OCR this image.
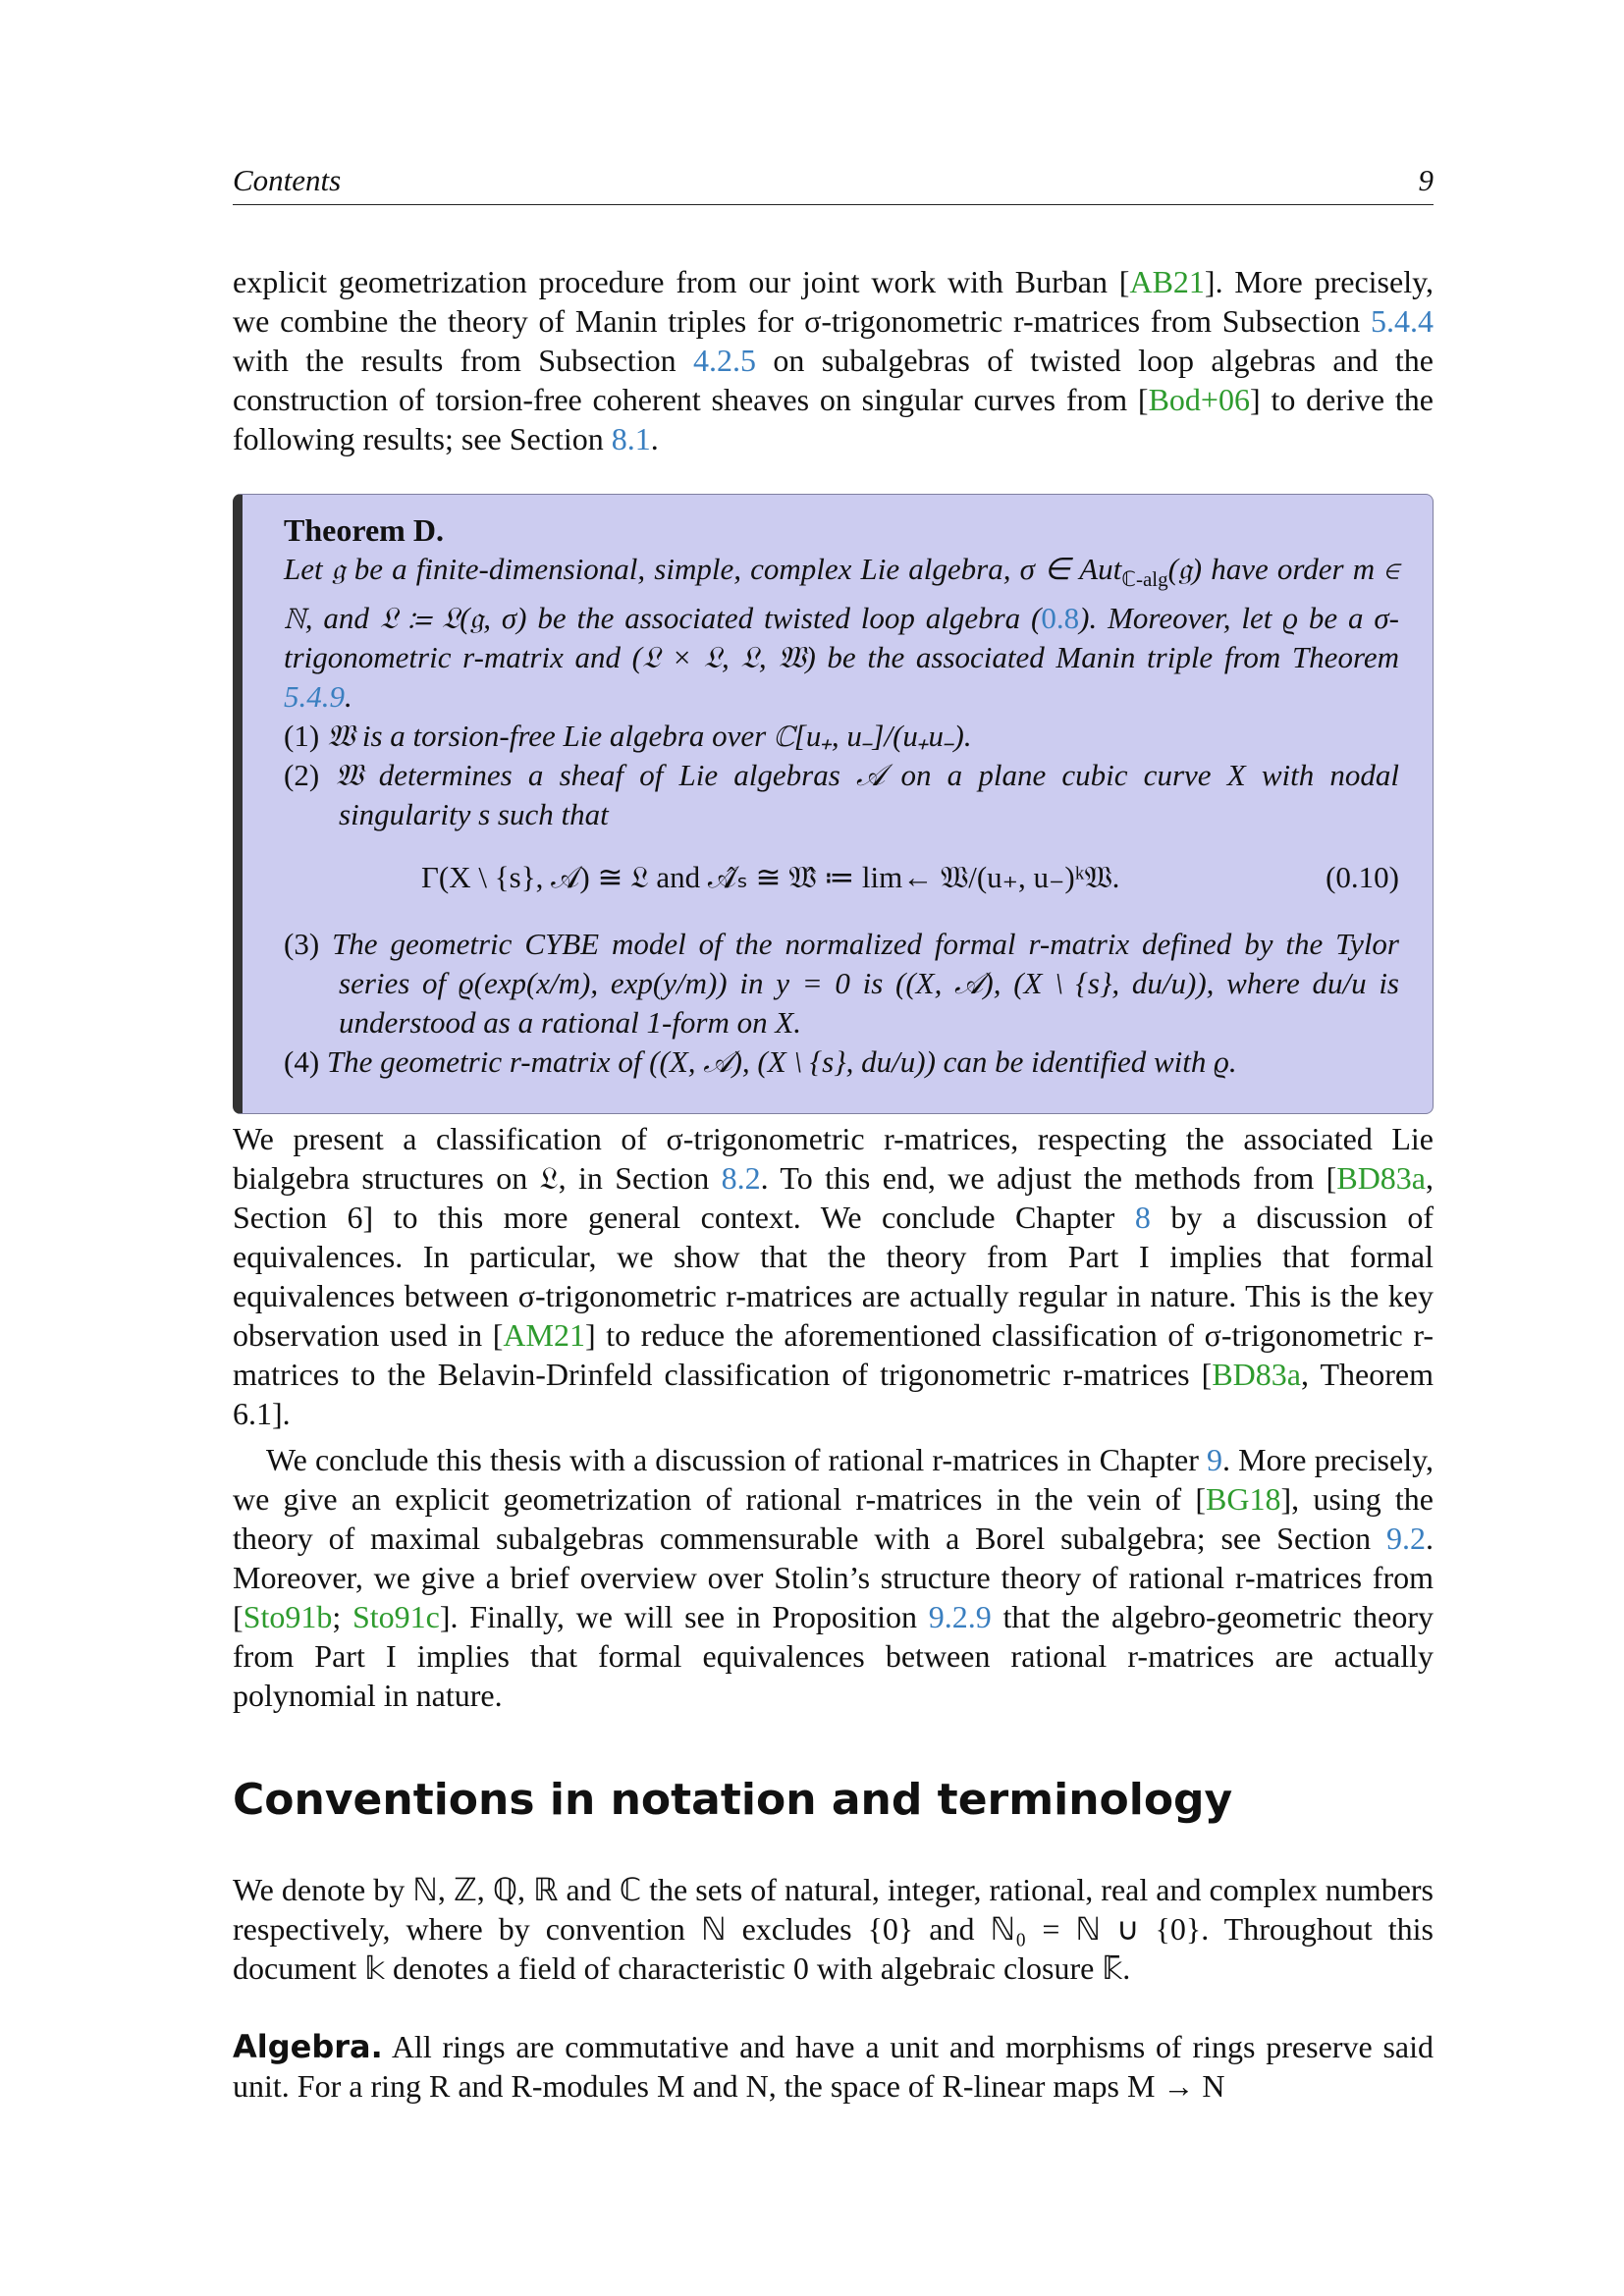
Contents	9

explicit geometrization procedure from our joint work with Burban [AB21]. More precisely, we combine the theory of Manin triples for σ-trigonometric r-matrices from Subsection 5.4.4 with the results from Subsection 4.2.5 on subalgebras of twisted loop algebras and the construction of torsion-free coherent sheaves on singular curves from [Bod+06] to derive the following results; see Section 8.1.

Theorem D.
Let 𝔤 be a finite-dimensional, simple, complex Lie algebra, σ ∈ Aut$_{ℂ-alg}$(𝔤) have order m ∈ ℕ, and 𝔏 ≔ 𝔏(𝔤, σ) be the associated twisted loop algebra (0.8). Moreover, let ϱ be a σ-trigonometric r-matrix and (𝔏 × 𝔏, 𝔏, 𝔚) be the associated Manin triple from Theorem 5.4.9.
(1) 𝔚 is a torsion-free Lie algebra over ℂ[u₊, u₋]/(u₊u₋).
(2) 𝔚 determines a sheaf of Lie algebras 𝒜 on a plane cubic curve X with nodal singularity s such that
Γ(X \ {s}, 𝒜) ≅ 𝔏 and 𝒜̂ₛ ≅ 𝔚̂ ≔ lim← 𝔚/(u₊, u₋)ᵏ𝔚.	(0.10)
(3) The geometric CYBE model of the normalized formal r-matrix defined by the Tylor series of ϱ(exp(x/m), exp(y/m)) in y = 0 is ((X, 𝒜), (X \ {s}, du/u)), where du/u is understood as a rational 1-form on X.
(4) The geometric r-matrix of ((X, 𝒜), (X \ {s}, du/u)) can be identified with ϱ.

We present a classification of σ-trigonometric r-matrices, respecting the associated Lie bialgebra structures on 𝔏, in Section 8.2. To this end, we adjust the methods from [BD83a, Section 6] to this more general context. We conclude Chapter 8 by a discussion of equivalences. In particular, we show that the theory from Part I implies that formal equivalences between σ-trigonometric r-matrices are actually regular in nature. This is the key observation used in [AM21] to reduce the aforementioned classification of σ-trigonometric r-matrices to the Belavin-Drinfeld classification of trigonometric r-matrices [BD83a, Theorem 6.1].

We conclude this thesis with a discussion of rational r-matrices in Chapter 9. More precisely, we give an explicit geometrization of rational r-matrices in the vein of [BG18], using the theory of maximal subalgebras commensurable with a Borel subalgebra; see Section 9.2. Moreover, we give a brief overview over Stolin’s structure theory of rational r-matrices from [Sto91b; Sto91c]. Finally, we will see in Proposition 9.2.9 that the algebro-geometric theory from Part I implies that formal equivalences between rational r-matrices are actually polynomial in nature.

Conventions in notation and terminology

We denote by ℕ, ℤ, ℚ, ℝ and ℂ the sets of natural, integer, rational, real and complex numbers respectively, where by convention ℕ excludes {0} and ℕ₀ = ℕ ∪ {0}. Throughout this document 𝕜 denotes a field of characteristic 0 with algebraic closure 𝕜̄.

Algebra. All rings are commutative and have a unit and morphisms of rings preserve said unit. For a ring R and R-modules M and N, the space of R-linear maps M → N
